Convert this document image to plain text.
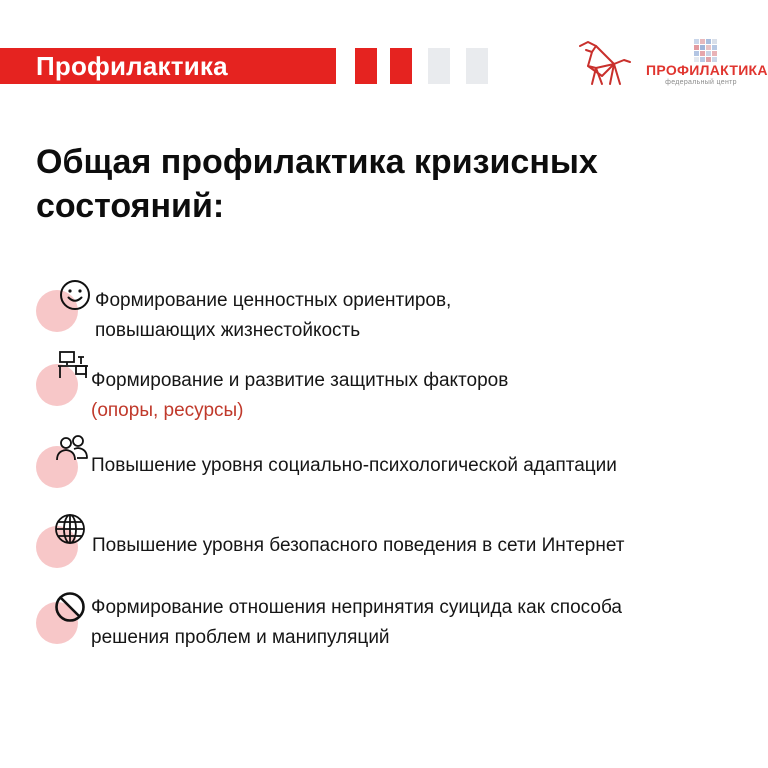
Профилактика	ПРОФИЛАКТИКА
федеральный центр
Общая профилактика кризисных
состояний:
Формирование ценностных ориентиров,
повышающих жизнестойкость
Формирование и развитие защитных факторов
(опоры, ресурсы)
Повышение уровня социально-психологической адаптации
Повышение уровня безопасного поведения в сети Интернет
Формирование отношения непринятия суицида как способа
решения проблем и манипуляций
